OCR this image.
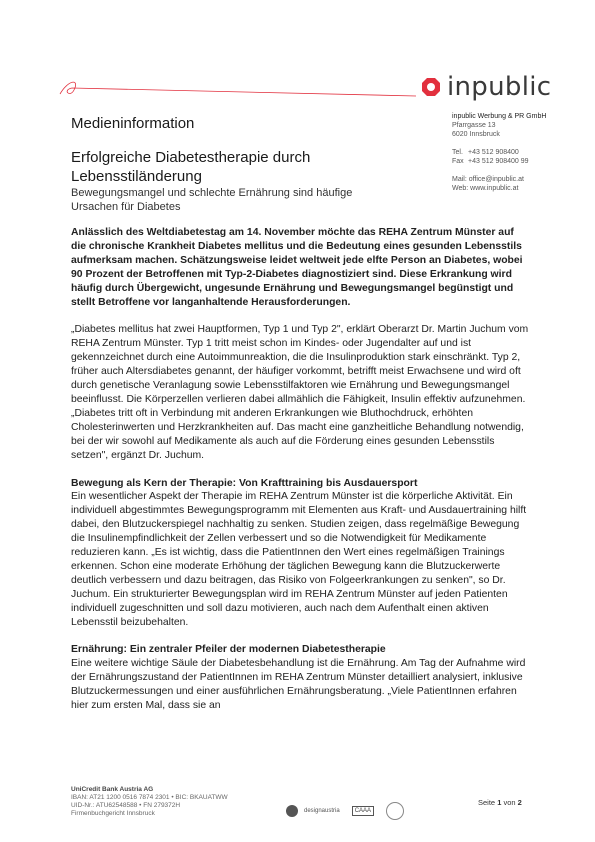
inpublic
Medieninformation
Erfolgreiche Diabetestherapie durch Lebensstiländerung

Bewegungsmangel und schlechte Ernährung sind häufige Ursachen für Diabetes

inpublic Werbung & PR GmbH
Pfarrgasse 13
6020 Innsbruck
Tel. +43 512 908400
Fax +43 512 908400 99
Mail: office@inpublic.at
Web: www.inpublic.at

Anlässlich des Weltdiabetestag am 14. November möchte das REHA Zentrum Münster auf die chronische Krankheit Diabetes mellitus und die Bedeutung eines gesunden Lebensstils aufmerksam machen. Schätzungsweise leidet weltweit jede elfte Person an Diabetes, wobei 90 Prozent der Betroffenen mit Typ-2-Diabetes diagnostiziert sind. Diese Erkrankung wird häufig durch Übergewicht, ungesunde Ernährung und Bewegungsmangel begünstigt und stellt Betroffene vor langanhaltende Herausforderungen.

„Diabetes mellitus hat zwei Hauptformen, Typ 1 und Typ 2", erklärt Oberarzt Dr. Martin Juchum vom REHA Zentrum Münster. Typ 1 tritt meist schon im Kindes- oder Jugendalter auf und ist gekennzeichnet durch eine Autoimmunreaktion, die die Insulinproduktion stark einschränkt. Typ 2, früher auch Altersdiabetes genannt, der häufiger vorkommt, betrifft meist Erwachsene und wird oft durch genetische Veranlagung sowie Lebensstilfaktoren wie Ernährung und Bewegungsmangel beeinflusst. Die Körperzellen verlieren dabei allmählich die Fähigkeit, Insulin effektiv aufzunehmen. „Diabetes tritt oft in Verbindung mit anderen Erkrankungen wie Bluthochdruck, erhöhten Cholesterinwerten und Herzkrankheiten auf. Das macht eine ganzheitliche Behandlung notwendig, bei der wir sowohl auf Medikamente als auch auf die Förderung eines gesunden Lebensstils setzen", ergänzt Dr. Juchum.

Bewegung als Kern der Therapie: Von Krafttraining bis Ausdauersport

Ein wesentlicher Aspekt der Therapie im REHA Zentrum Münster ist die körperliche Aktivität. Ein individuell abgestimmtes Bewegungsprogramm mit Elementen aus Kraft- und Ausdauertraining hilft dabei, den Blutzuckerspiegel nachhaltig zu senken. Studien zeigen, dass regelmäßige Bewegung die Insulinempfindlichkeit der Zellen verbessert und so die Notwendigkeit für Medikamente reduzieren kann. „Es ist wichtig, dass die PatientInnen den Wert eines regelmäßigen Trainings erkennen. Schon eine moderate Erhöhung der täglichen Bewegung kann die Blutzuckerwerte deutlich verbessern und dazu beitragen, das Risiko von Folgeerkrankungen zu senken", so Dr. Juchum. Ein strukturierter Bewegungsplan wird im REHA Zentrum Münster auf jeden Patienten individuell zugeschnitten und soll dazu motivieren, auch nach dem Aufenthalt einen aktiven Lebensstil beizubehalten.

Ernährung: Ein zentraler Pfeiler der modernen Diabetestherapie

Eine weitere wichtige Säule der Diabetesbehandlung ist die Ernährung. Am Tag der Aufnahme wird der Ernährungszustand der PatientInnen im REHA Zentrum Münster detailliert analysiert, inklusive Blutzuckermessungen und einer ausführlichen Ernährungsberatung. „Viele PatientInnen erfahren hier zum ersten Mal, dass sie an

UniCredit Bank Austria AG
IBAN: AT21 1200 0516 7874 2301 • BIC: BKAUATWW
UID-Nr.: ATU62548588 • FN 279372H
Firmenbuchgericht Innsbruck	designaustria	CAAA
Seite 1 von 2
